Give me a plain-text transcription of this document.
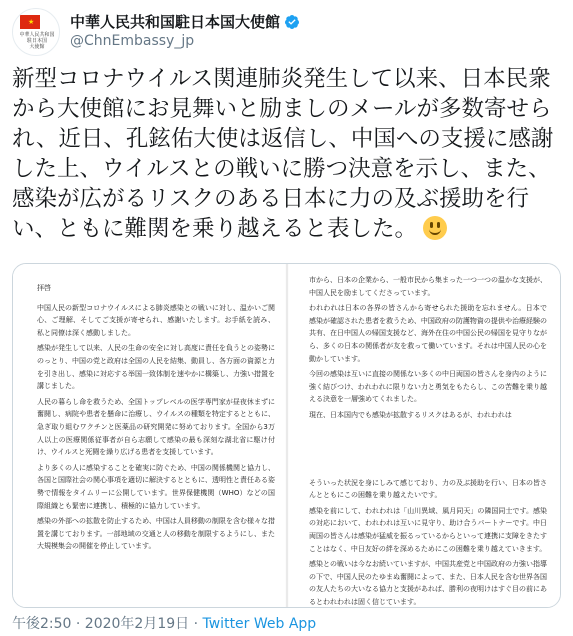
★
中華人民共和国
駐日本国
大使館
中華人民共和国駐日本国大使館
@ChnEmbassy_jp
新型コロナウイルス関連肺炎発生して以来、日本民衆から大使館にお見舞いと励ましのメールが多数寄せられ、近日、孔鉉佑大使は返信し、中国への支援に感謝した上、ウイルスとの戦いに勝つ決意を示し、また、感染が広がるリスクのある日本に力の及ぶ援助を行い、ともに難関を乗り越えると表した。

拝啓

中国人民の新型コロナウイルスによる肺炎感染との戦いに対し、温かいご関心、ご理解、そしてご支援が寄せられ、感謝いたします。お手紙を読み、私と同僚は深く感動しました。

感染が発生して以来、人民の生命の安全に対し高度に責任を負うとの姿勢にのっとり、中国の党と政府は全国の人民を結集、動員し、各方面の資源と力を引き出し、感染に対応する举国一致体制を速やかに構築し、力強い措置を講じました。

人民の暮らし命を救うため、全国トップレベルの医学専門家が昼夜休まずに奮闘し、病院や患者を懸命に治療し、ウイルスの種類を特定するとともに、急ぎ取り組むワクチンと医薬品の研究開発に努めております。全国から3万人以上の医療関係従事者が自ら志願して感染の最も深刻な湖北省に駆け付け、ウイルスと死闘を繰り広げる患者を支援しています。

より多くの人に感染することを確実に防ぐため、中国の関係機関と協力し、各国と国際社会の関心事項を適切に解決するとともに、透明性と責任ある姿勢で情報をタイムリーに公開しています。世界保健機関（WHO）などの国際組織とも緊密に連携し、積極的に協力しています。

感染の外部への拡散を防止するため、中国は人員移動の制限を含む様々な措置を講じております。一部地域の交通と人の移動を制限するようにし、また大規模集会の開催を停止しています。

市から、日本の企業から、一般市民から集まった一つ一つの温かな支援が、中国人民を励ましてくださっています。

われわれは日本の各界の皆さんから寄せられた援助を忘れません。日本で感染が確認された患者を救うため、中国政府の防護物資の提供や治療経験の共有、在日中国人の帰国支援など、海外在住の中国公民の帰国を見守りながら、多くの日本の関係者が友を救って働いています。それは中国人民の心を動かしています。

今回の感染は互いに直接の関係ない多くの中日両国の皆さんを身内のように強く結びつけ、われわれに限りない力と勇気をもたらし、この苦難を乗り越える決意を一層強めてくれました。

現在、日本国内でも感染が拡散するリスクはあるが、われわれは

そういった状況を身にしみて感じており、力の及ぶ援助を行い、日本の皆さんとともにこの困難を乗り越えたいです。

感染を前にして、われわれは「山川異域、風月同天」の隣国同士です。感染の対応において、われわれは互いに見守り、助け合うパートナーです。中日両国の皆さんは感染が猛威を振るっているからといって連携に支障をきたすことはなく、中日友好の絆を深めるためにこの困難を乗り越えていきます。

感染との戦いは今なお続いていますが、中国共産党と中国政府の力強い指導の下で、中国人民のたゆまぬ奮闘によって、また、日本人民を含む世界各国の友人たちの大いなる協力と支援があれば、勝利の夜明けはすぐ目の前にあるとわれわれは固く信じています。

午後2:50 · 2020年2月19日 · Twitter Web App
